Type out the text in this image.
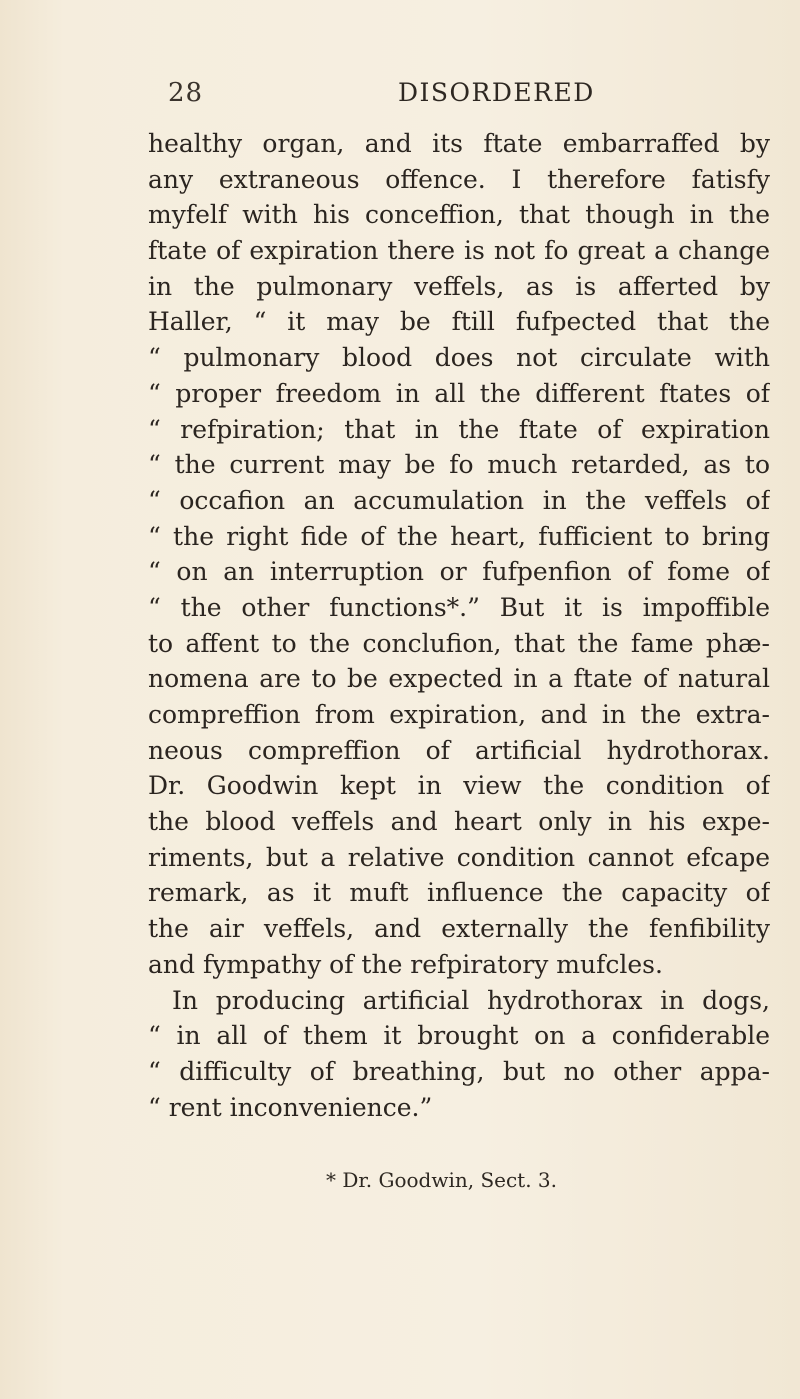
28	DISORDERED
healthy organ, and its ftate embarraffed by
any extraneous offence. I therefore fatisfy
myfelf with his conceffion, that though in the
ftate of expiration there is not fo great a change
in the pulmonary veffels, as is afferted by
Haller, “ it may be ftill fufpected that the
“ pulmonary blood does not circulate with
“ proper freedom in all the different ftates of
“ refpiration; that in the ftate of expiration
“ the current may be fo much retarded, as to
“ occafion an accumulation in the veffels of
“ the right fide of the heart, fufficient to bring
“ on an interruption or fufpenfion of fome of
“ the other functions*.” But it is impoffible
to affent to the conclufion, that the fame phæ-
nomena are to be expected in a ftate of natural
compreffion from expiration, and in the extra-
neous compreffion of artificial hydrothorax.
Dr. Goodwin kept in view the condition of
the blood veffels and heart only in his expe-
riments, but a relative condition cannot efcape
remark, as it muft influence the capacity of
the air veffels, and externally the fenfibility
and fympathy of the refpiratory mufcles.
In producing artificial hydrothorax in dogs,
“ in all of them it brought on a confiderable
“ difficulty of breathing, but no other appa-
“ rent inconvenience.”
* Dr. Goodwin, Sect. 3.
